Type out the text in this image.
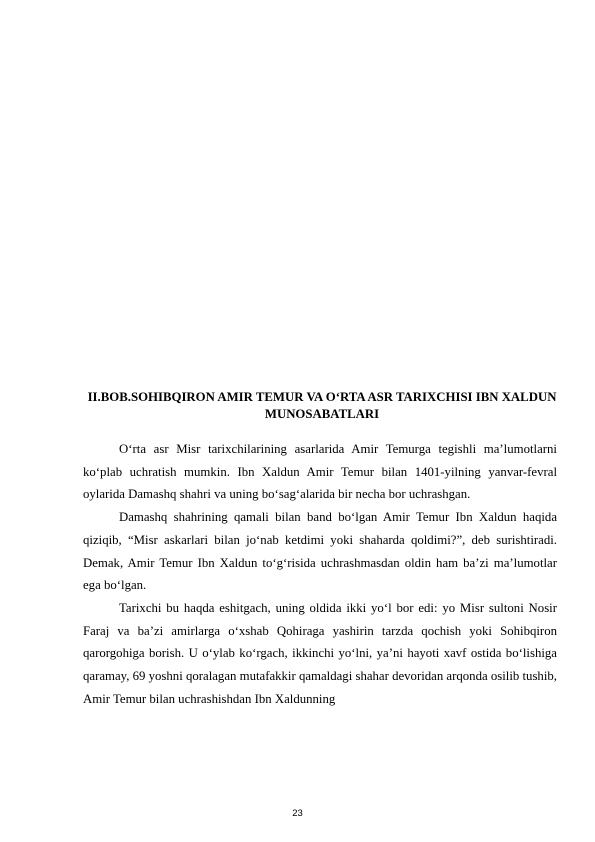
II.BOB.SOHIBQIRON AMIR TEMUR VA O‘RTA ASR TARIXCHISI IBN XALDUN MUNOSABATLARI

O‘rta asr Misr tarixchilarining asarlarida Amir Temurga tegishli ma’lumotlarni ko‘plab uchratish mumkin. Ibn Xaldun Amir Temur bilan 1401-yilning yanvar-fevral oylarida Damashq shahri va uning bo‘sag‘alarida bir necha bor uchrashgan.

Damashq shahrining qamali bilan band bo‘lgan Amir Temur Ibn Xaldun haqida qiziqib, “Misr askarlari bilan jo‘nab ketdimi yoki shaharda qoldimi?”, deb surishtiradi. Demak, Amir Temur Ibn Xaldun to‘g‘risida uchrashmasdan oldin ham ba’zi ma’lumotlar ega bo‘lgan.

Tarixchi bu haqda eshitgach, uning oldida ikki yo‘l bor edi: yo Misr sultoni Nosir Faraj va ba’zi amirlarga o‘xshab Qohiraga yashirin tarzda qochish yoki Sohibqiron qarorgohiga borish. U o‘ylab ko‘rgach, ikkinchi yo‘lni, ya’ni hayoti xavf ostida bo‘lishiga qaramay, 69 yoshni qoralagan mutafakkir qamaldagi shahar devoridan arqonda osilib tushib, Amir Temur bilan uchrashishdan Ibn Xaldunning

23
